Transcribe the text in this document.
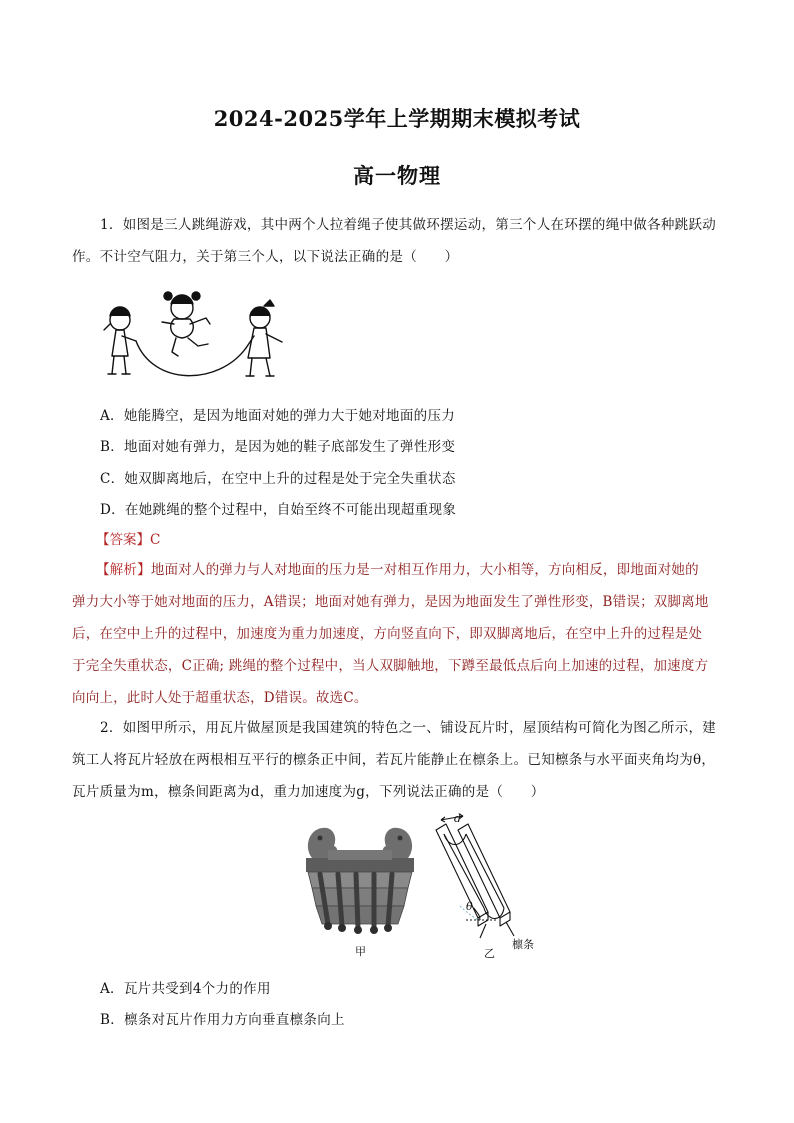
2024-2025学年上学期期末模拟考试
高一物理
1．如图是三人跳绳游戏，其中两个人拉着绳子使其做环摆运动，第三个人在环摆的绳中做各种跳跃动
作。不计空气阻力，关于第三个人，以下说法正确的是（　　）
A．她能腾空，是因为地面对她的弹力大于她对地面的压力
B．地面对她有弹力，是因为她的鞋子底部发生了弹性形变
C．她双脚离地后，在空中上升的过程是处于完全失重状态
D．在她跳绳的整个过程中，自始至终不可能出现超重现象
【答案】C
【解析】地面对人的弹力与人对地面的压力是一对相互作用力，大小相等，方向相反，即地面对她的
弹力大小等于她对地面的压力，A错误；地面对她有弹力，是因为地面发生了弹性形变，B错误；双脚离地
后，在空中上升的过程中，加速度为重力加速度，方向竖直向下，即双脚离地后，在空中上升的过程是处
于完全失重状态，C正确; 跳绳的整个过程中，当人双脚触地，下蹲至最低点后向上加速的过程，加速度方
向向上，此时人处于超重状态，D错误。故选C。
2．如图甲所示，用瓦片做屋顶是我国建筑的特色之一、铺设瓦片时，屋顶结构可简化为图乙所示，建
筑工人将瓦片轻放在两根相互平行的檩条正中间，若瓦片能静止在檩条上。已知檩条与水平面夹角均为θ，
瓦片质量为m，檩条间距离为d，重力加速度为g，下列说法正确的是（　　）
甲
d
θ
檩条
乙
A．瓦片共受到4个力的作用
B．檩条对瓦片作用力方向垂直檩条向上
